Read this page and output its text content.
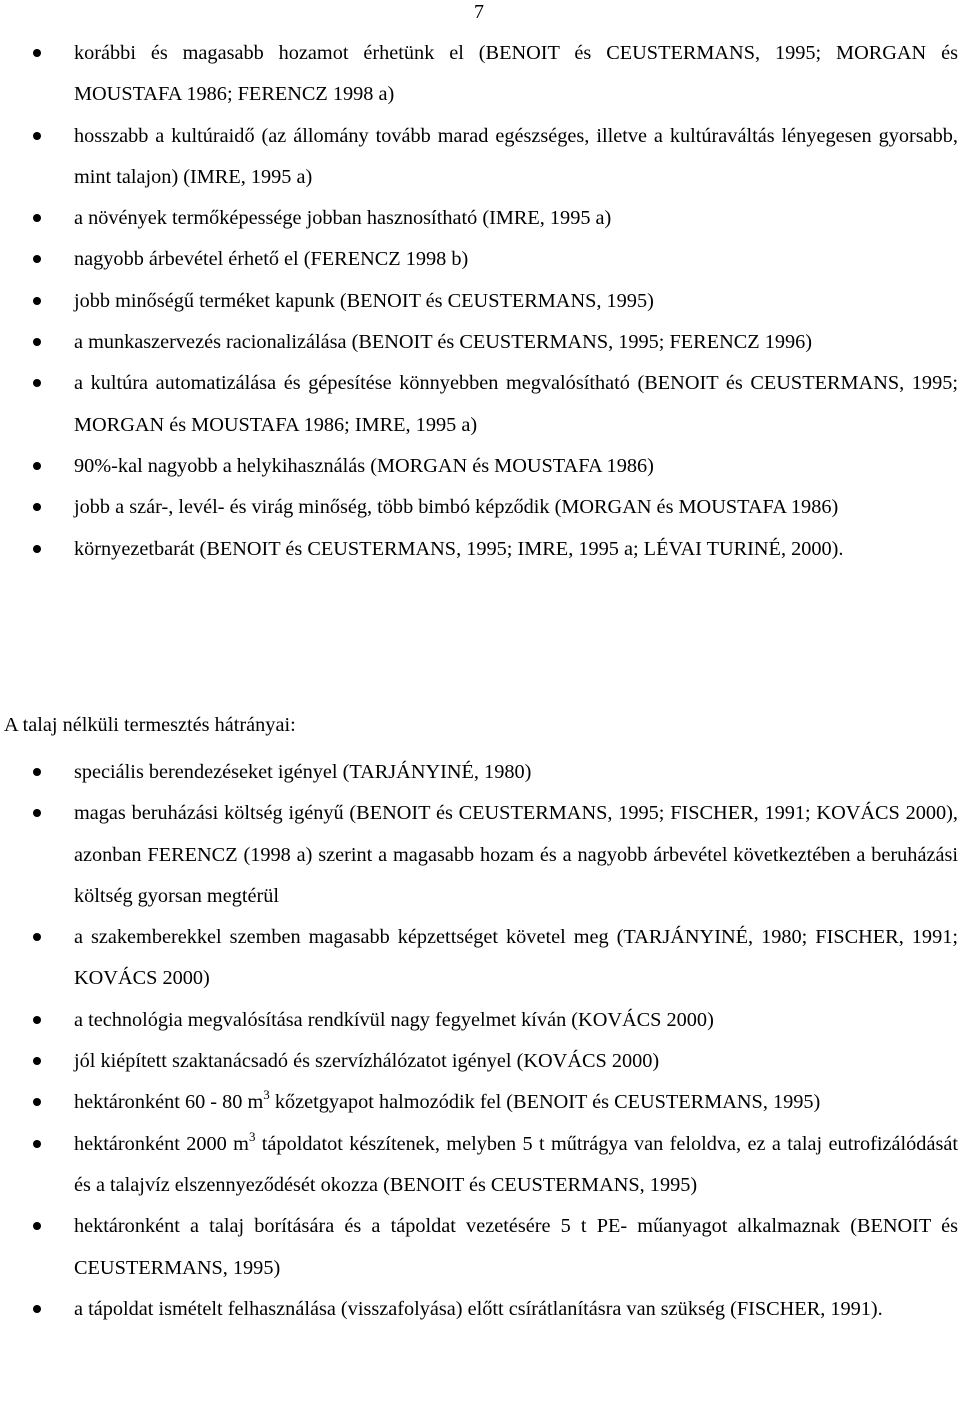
7
korábbi és magasabb hozamot érhetünk el (BENOIT és CEUSTERMANS, 1995; MORGAN és MOUSTAFA 1986; FERENCZ 1998 a)
hosszabb a kultúraidő (az állomány tovább marad egészséges, illetve a kultúraváltás lényegesen gyorsabb, mint talajon) (IMRE, 1995 a)
a növények termőképessége jobban hasznosítható (IMRE, 1995 a)
nagyobb árbevétel érhető el (FERENCZ 1998 b)
jobb minőségű terméket kapunk (BENOIT és CEUSTERMANS, 1995)
a munkaszervezés racionalizálása (BENOIT és CEUSTERMANS, 1995; FERENCZ 1996)
a kultúra automatizálása és gépesítése könnyebben megvalósítható (BENOIT és CEUSTERMANS, 1995; MORGAN és MOUSTAFA 1986; IMRE, 1995 a)
90%-kal nagyobb a helykihasználás (MORGAN és MOUSTAFA 1986)
jobb a szár-, levél- és virág minőség, több bimbó képződik (MORGAN és MOUSTAFA 1986)
környezetbarát (BENOIT és CEUSTERMANS, 1995; IMRE, 1995 a; LÉVAI TURINÉ, 2000).

A talaj nélküli termesztés hátrányai:

speciális berendezéseket igényel (TARJÁNYINÉ, 1980)
magas beruházási költség igényű (BENOIT és CEUSTERMANS, 1995; FISCHER, 1991; KOVÁCS 2000), azonban FERENCZ (1998 a) szerint a magasabb hozam és a nagyobb árbevétel következtében a beruházási költség gyorsan megtérül
a szakemberekkel szemben magasabb képzettséget követel meg (TARJÁNYINÉ, 1980; FISCHER, 1991; KOVÁCS 2000)
a technológia megvalósítása rendkívül nagy fegyelmet kíván (KOVÁCS 2000)
jól kiépített szaktanácsadó és szervízhálózatot igényel (KOVÁCS 2000)
hektáronként 60 - 80 $m^3$ kőzetgyapot halmozódik fel (BENOIT és CEUSTERMANS, 1995)
hektáronként 2000 $m^3$ tápoldatot készítenek, melyben 5 t műtrágya van feloldva, ez a talaj eutrofizálódását és a talajvíz elszennyeződését okozza (BENOIT és CEUSTERMANS, 1995)
hektáronként a talaj borítására és a tápoldat vezetésére 5 t PE- műanyagot alkalmaznak (BENOIT és CEUSTERMANS, 1995)
a tápoldat ismételt felhasználása (visszafolyása) előtt csírátlanításra van szükség (FISCHER, 1991).
